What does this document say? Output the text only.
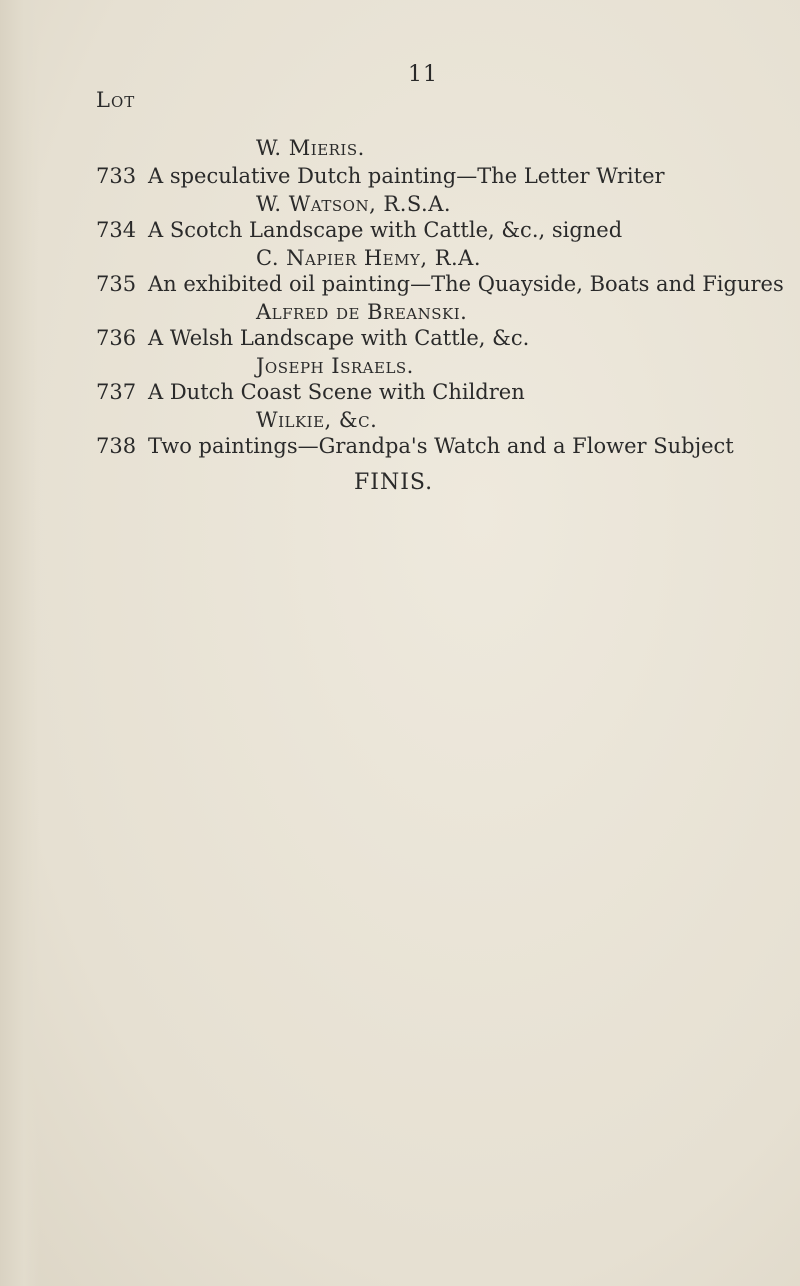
11
Lot
W. Mieris.
733 A speculative Dutch painting—The Letter Writer
W. Watson, R.S.A.
734 A Scotch Landscape with Cattle, &c., signed
C. Napier Hemy, R.A.
735 An exhibited oil painting—The Quayside, Boats and Figures
Alfred de Breanski.
736 A Welsh Landscape with Cattle, &c.
Joseph Israels.
737 A Dutch Coast Scene with Children
Wilkie, &c.
738 Two paintings—Grandpa's Watch and a Flower Subject
FINIS.
